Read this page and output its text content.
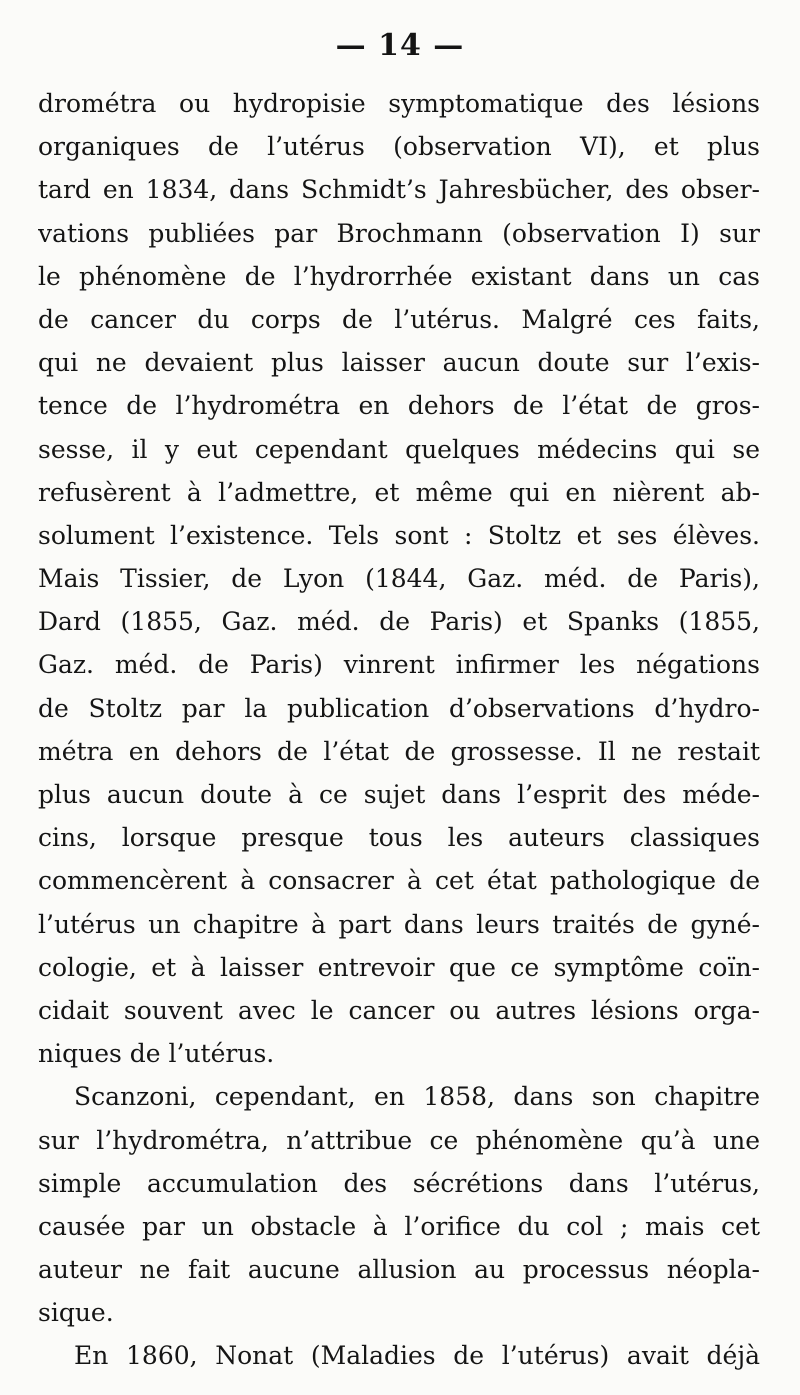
— 14 —
drométra ou hydropisie symptomatique des lésions
organiques de l’utérus (observation VI), et plus
tard en 1834, dans Schmidt’s Jahresbücher, des obser-
vations publiées par Brochmann (observation I) sur
le phénomène de l’hydrorrhée existant dans un cas
de cancer du corps de l’utérus. Malgré ces faits,
qui ne devaient plus laisser aucun doute sur l’exis-
tence de l’hydrométra en dehors de l’état de gros-
sesse, il y eut cependant quelques médecins qui se
refusèrent à l’admettre, et même qui en nièrent ab-
solument l’existence. Tels sont : Stoltz et ses élèves.
Mais Tissier, de Lyon (1844, Gaz. méd. de Paris),
Dard (1855, Gaz. méd. de Paris) et Spanks (1855,
Gaz. méd. de Paris) vinrent infirmer les négations
de Stoltz par la publication d’observations d’hydro-
métra en dehors de l’état de grossesse. Il ne restait
plus aucun doute à ce sujet dans l’esprit des méde-
cins, lorsque presque tous les auteurs classiques
commencèrent à consacrer à cet état pathologique de
l’utérus un chapitre à part dans leurs traités de gyné-
cologie, et à laisser entrevoir que ce symptôme coïn-
cidait souvent avec le cancer ou autres lésions orga-
niques de l’utérus.
Scanzoni, cependant, en 1858, dans son chapitre
sur l’hydrométra, n’attribue ce phénomène qu’à une
simple accumulation des sécrétions dans l’utérus,
causée par un obstacle à l’orifice du col ; mais cet
auteur ne fait aucune allusion au processus néopla-
sique.
En 1860, Nonat (Maladies de l’utérus) avait déjà
